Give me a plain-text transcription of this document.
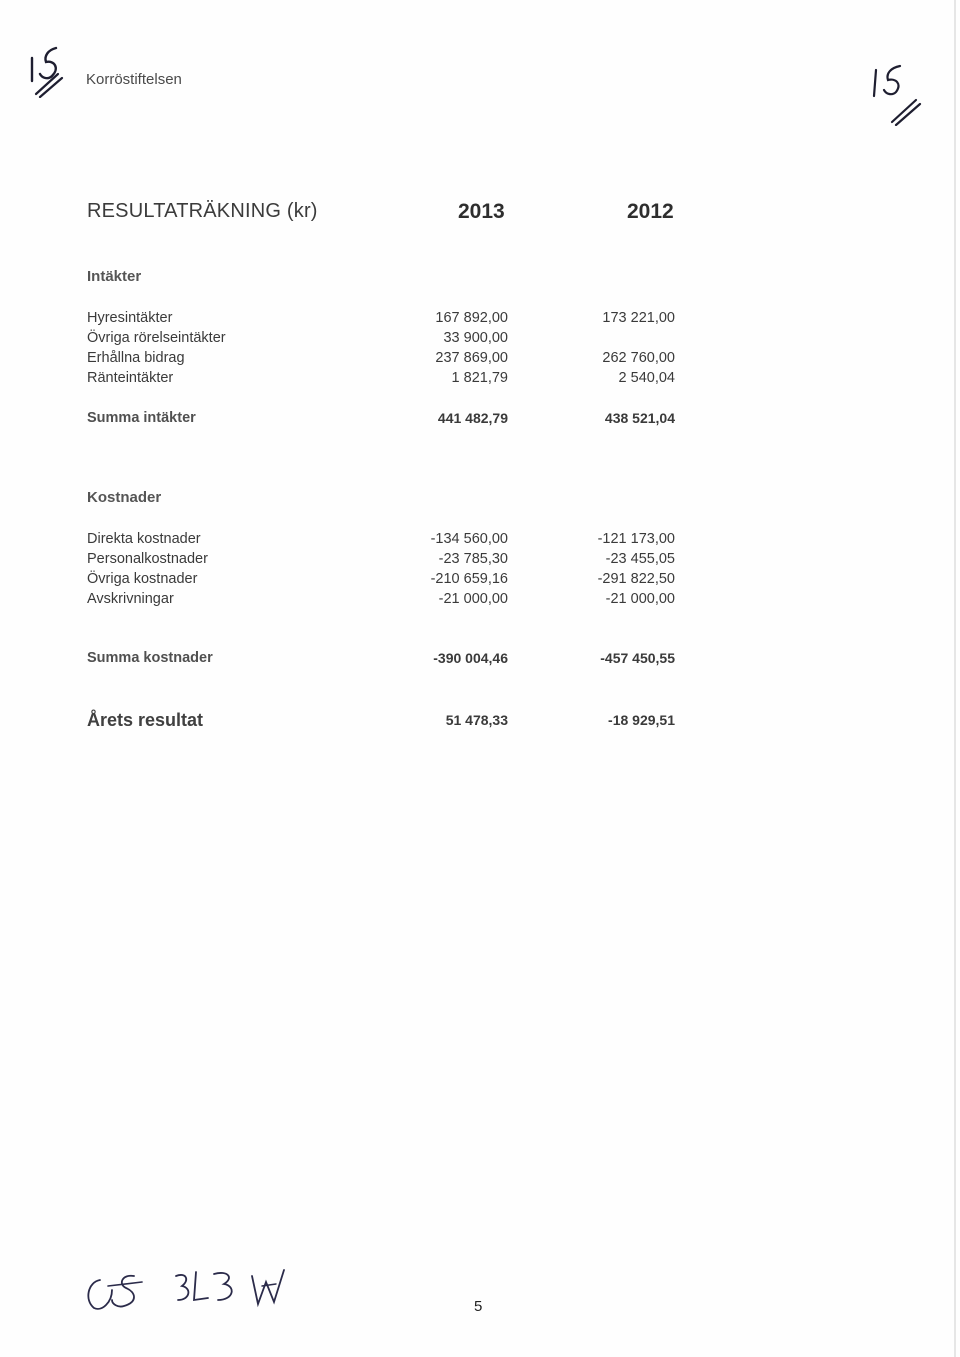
Korröstiftelsen
RESULTATRÄKNING (kr)	2013	2012
Intäkter
Hyresintäkter	167 892,00	173 221,00
Övriga rörelseintäkter	33 900,00
Erhållna bidrag	237 869,00	262 760,00
Ränteintäkter	1 821,79	2 540,04
Summa intäkter	441 482,79	438 521,04
Kostnader
Direkta kostnader	-134 560,00	-121 173,00
Personalkostnader	-23 785,30	-23 455,05
Övriga kostnader	-210 659,16	-291 822,50
Avskrivningar	-21 000,00	-21 000,00
Summa kostnader	-390 004,46	-457 450,55
Årets resultat	51 478,33	-18 929,51
5
